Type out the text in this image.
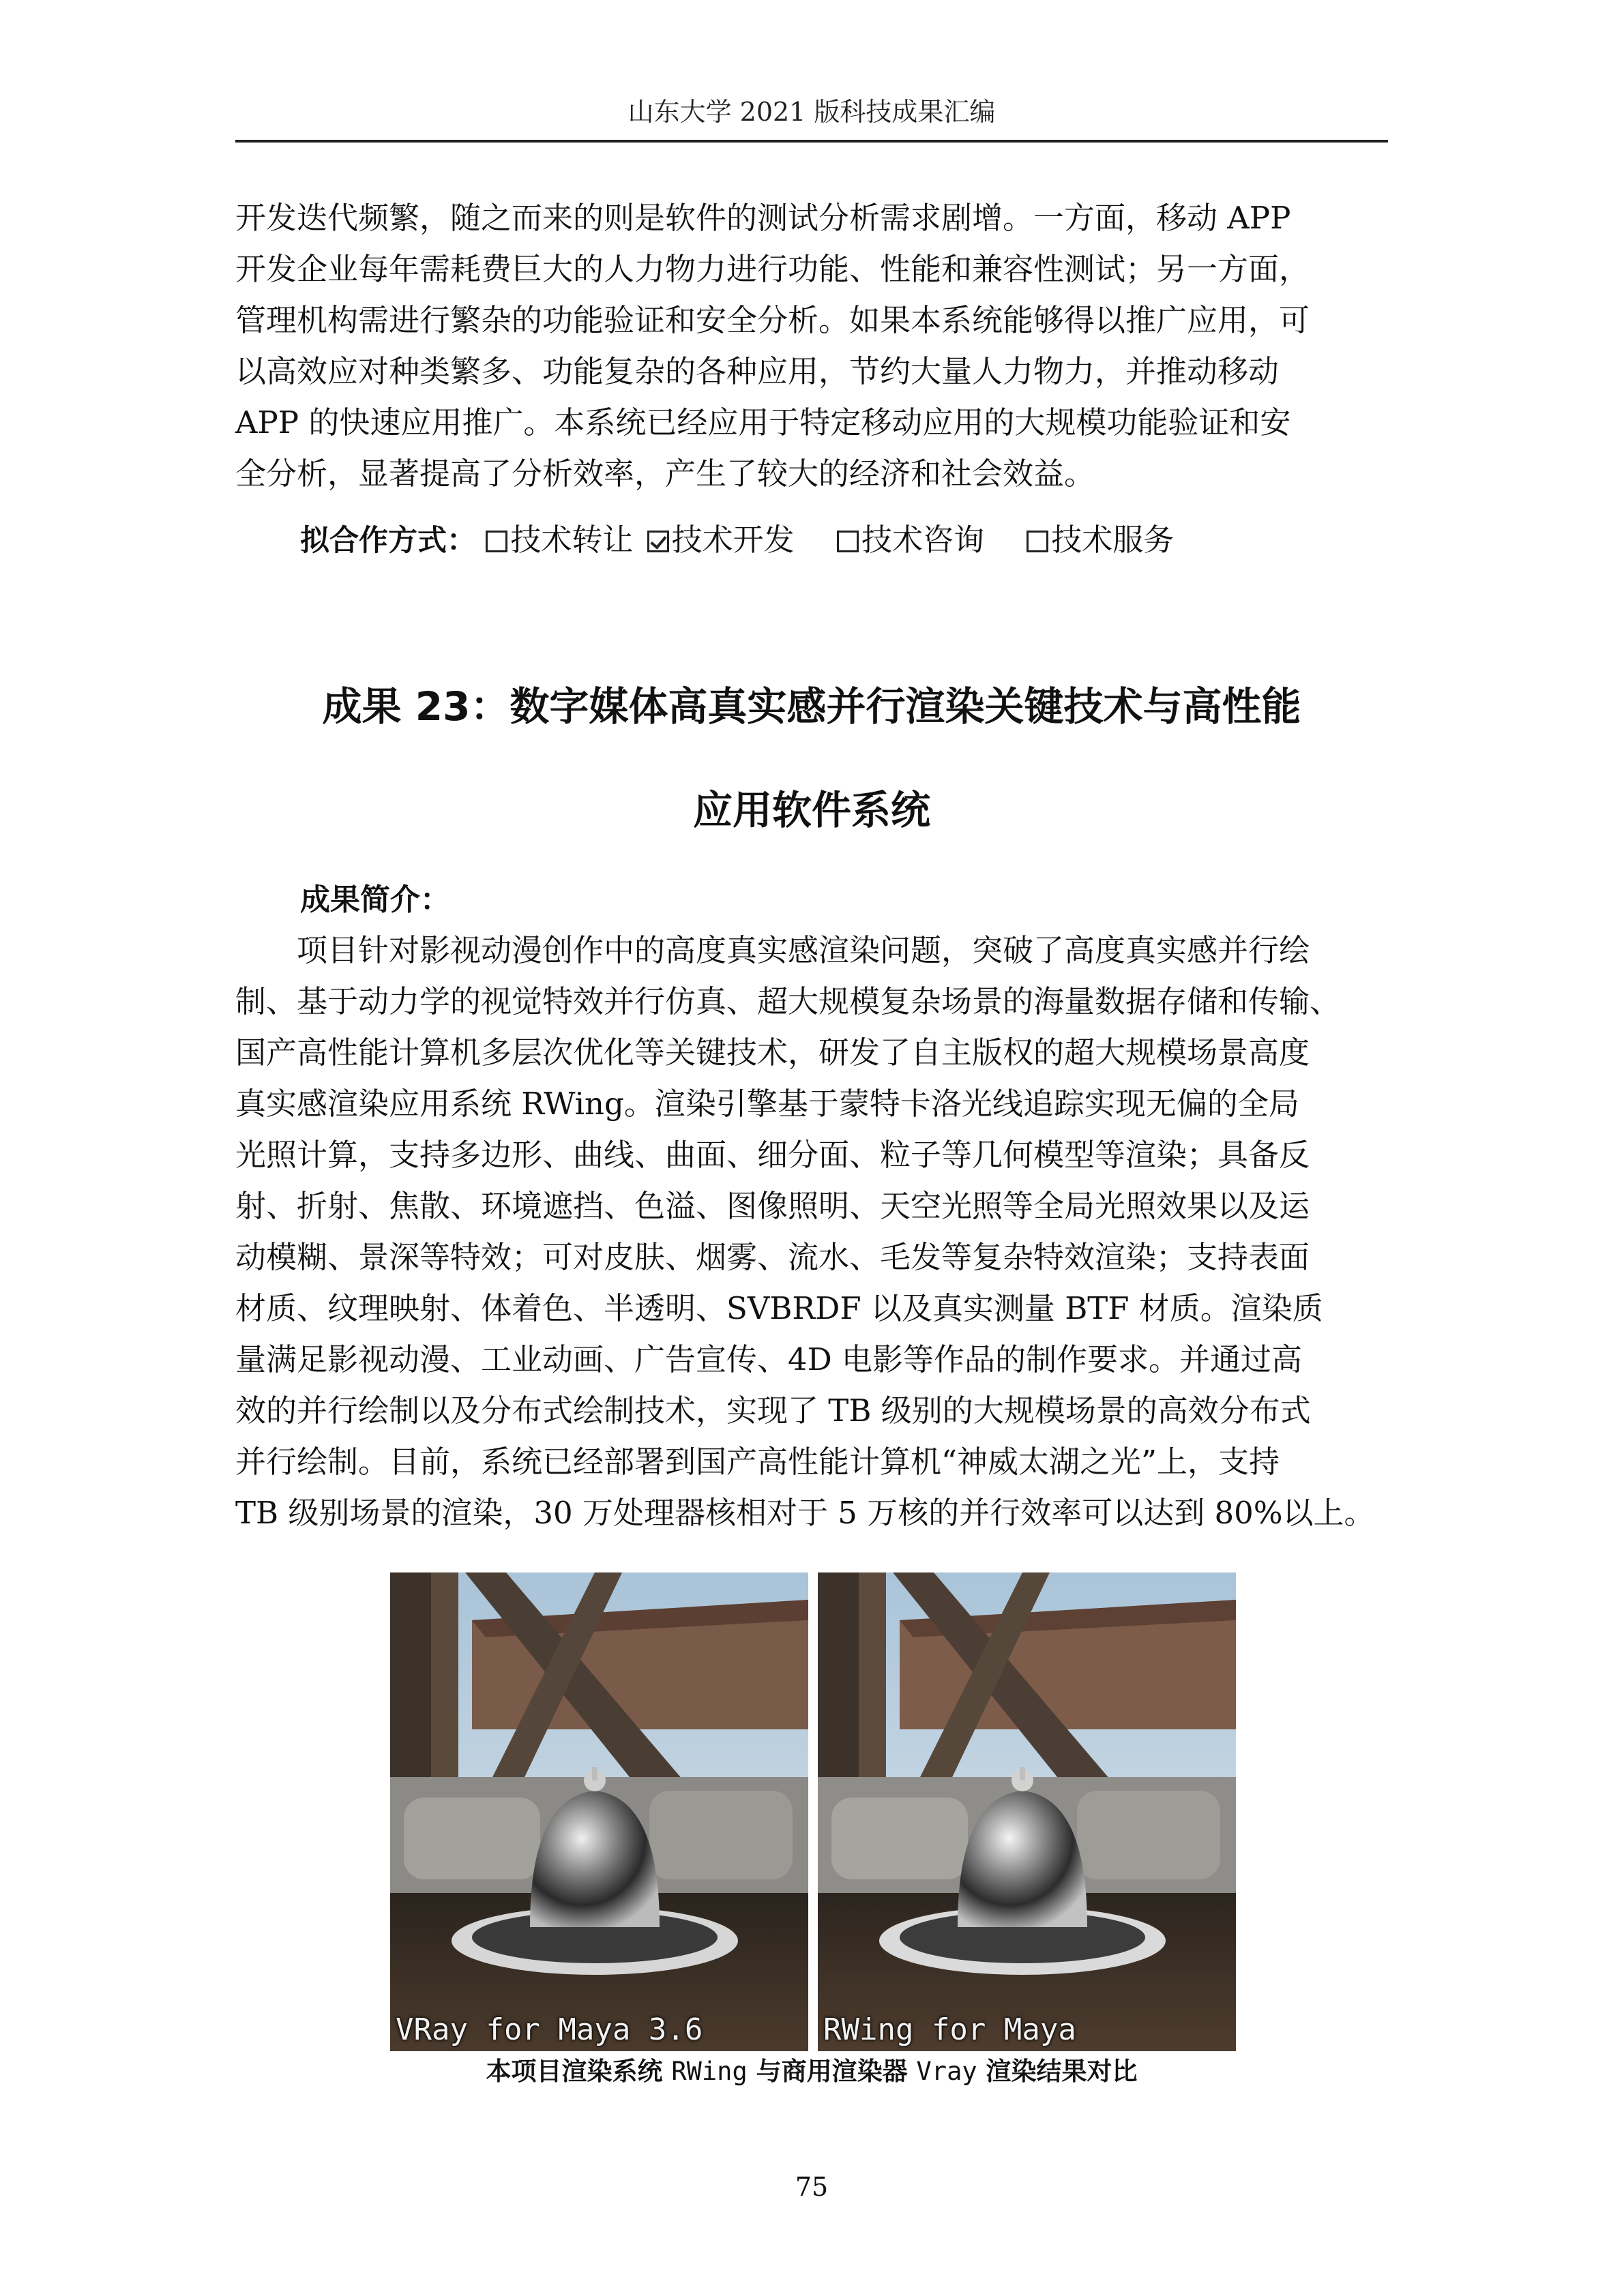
山东大学 2021 版科技成果汇编
开发迭代频繁，随之而来的则是软件的测试分析需求剧增。一方面，移动 APP
开发企业每年需耗费巨大的人力物力进行功能、性能和兼容性测试；另一方面，
管理机构需进行繁杂的功能验证和安全分析。如果本系统能够得以推广应用，可
以高效应对种类繁多、功能复杂的各种应用，节约大量人力物力，并推动移动
APP 的快速应用推广。本系统已经应用于特定移动应用的大规模功能验证和安
全分析，显著提高了分析效率，产生了较大的经济和社会效益。
拟合作方式： 技术转让 技术开发 技术咨询 技术服务
成果 23：数字媒体高真实感并行渲染关键技术与高性能
应用软件系统
成果简介：
　　项目针对影视动漫创作中的高度真实感渲染问题，突破了高度真实感并行绘
制、基于动力学的视觉特效并行仿真、超大规模复杂场景的海量数据存储和传输、
国产高性能计算机多层次优化等关键技术，研发了自主版权的超大规模场景高度
真实感渲染应用系统 RWing。渲染引擎基于蒙特卡洛光线追踪实现无偏的全局
光照计算，支持多边形、曲线、曲面、细分面、粒子等几何模型等渲染；具备反
射、折射、焦散、环境遮挡、色溢、图像照明、天空光照等全局光照效果以及运
动模糊、景深等特效；可对皮肤、烟雾、流水、毛发等复杂特效渲染；支持表面
材质、纹理映射、体着色、半透明、SVBRDF 以及真实测量 BTF 材质。渲染质
量满足影视动漫、工业动画、广告宣传、4D 电影等作品的制作要求。并通过高
效的并行绘制以及分布式绘制技术，实现了 TB 级别的大规模场景的高效分布式
并行绘制。目前，系统已经部署到国产高性能计算机“神威太湖之光”上，支持
TB 级别场景的渲染，30 万处理器核相对于 5 万核的并行效率可以达到 80%以上。
VRay for Maya 3.6	RWing for Maya
本项目渲染系统 RWing 与商用渲染器 Vray 渲染结果对比
75
